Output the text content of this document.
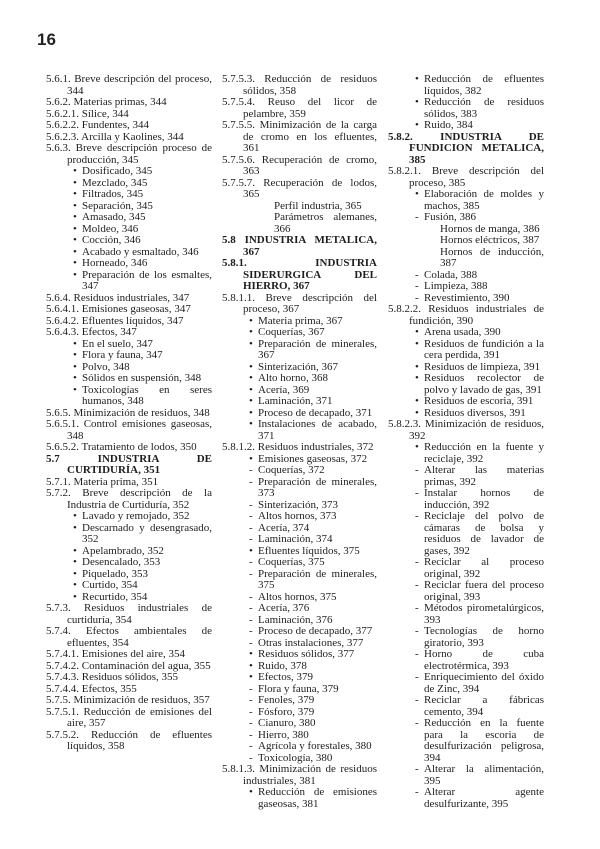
16
5.6.1. Breve descripción del proceso, 344
5.6.2. Materias primas, 344
5.6.2.1. Sílice, 344
5.6.2.2. Fundentes, 344
5.6.2.3. Arcilla y Kaolines, 344
5.6.3. Breve descripción proceso de producción, 345
• Dosificado, 345
• Mezclado, 345
• Filtrados, 345
• Separación, 345
• Amasado, 345
• Moldeo, 346
• Cocción, 346
• Acabado y esmaltado, 346
• Horneado, 346
• Preparación de los esmaltes, 347
5.6.4. Residuos industriales, 347
5.6.4.1. Emisiones gaseosas, 347
5.6.4.2. Efluentes líquidos, 347
5.6.4.3. Efectos, 347
• En el suelo, 347
• Flora y fauna, 347
• Polvo, 348
• Sólidos en suspensión, 348
• Toxicologías en seres humanos, 348
5.6.5. Minimización de residuos, 348
5.6.5.1. Control emisiones gaseosas, 348
5.6.5.2. Tratamiento de lodos, 350
5.7 INDUSTRIA DE CURTIDURÍA, 351
5.7.1. Materia prima, 351
5.7.2. Breve descripción de la Industria de Curtiduría, 352
• Lavado y remojado, 352
• Descarnado y desengrasado, 352
• Apelambrado, 352
• Desencalado, 353
• Piquelado, 353
• Curtido, 354
• Recurtido, 354
5.7.3. Residuos industriales de curtiduría, 354
5.7.4. Efectos ambientales de efluentes, 354
5.7.4.1. Emisiones del aire, 354
5.7.4.2. Contaminación del agua, 355
5.7.4.3. Residuos sólidos, 355
5.7.4.4. Efectos, 355
5.7.5. Minimización de residuos, 357
5.7.5.1. Reducción de emisiones del aire, 357
5.7.5.2. Reducción de efluentes líquidos, 358
5.7.5.3. Reducción de residuos sólidos, 358
5.7.5.4. Reuso del licor de pelambre, 359
5.7.5.5. Minimización de la carga de cromo en los efluentes, 361
5.7.5.6. Recuperación de cromo, 363
5.7.5.7. Recuperación de lodos, 365
Perfil industria, 365
Parámetros alemanes, 366
5.8 INDUSTRIA METALICA, 367
5.8.1. INDUSTRIA SIDERURGICA DEL HIERRO, 367
5.8.1.1. Breve descripción del proceso, 367
• Materia prima, 367
• Coquerías, 367
• Preparación de minerales, 367
• Sinterización, 367
• Alto horno, 368
• Acería, 369
• Laminación, 371
• Proceso de decapado, 371
• Instalaciones de acabado, 371
5.8.1.2. Residuos industriales, 372
• Emisiones gaseosas, 372
- Coquerías, 372
- Preparación de minerales, 373
- Sinterización, 373
- Altos hornos, 373
- Acería, 374
- Laminación, 374
• Efluentes líquidos, 375
- Coquerías, 375
- Preparación de minerales, 375
- Altos hornos, 375
- Acería, 376
- Laminación, 376
- Proceso de decapado, 377
- Otras instalaciones, 377
• Residuos sólidos, 377
• Ruido, 378
• Efectos, 379
- Flora y fauna, 379
- Fenoles, 379
- Fósforo, 379
- Cianuro, 380
- Hierro, 380
- Agrícola y forestales, 380
- Toxicología, 380
5.8.1.3. Minimización de residuos industriales, 381
• Reducción de emisiones gaseosas, 381
• Reducción de efluentes líquidos, 382
• Reducción de residuos sólidos, 383
• Ruido, 384
5.8.2. INDUSTRIA DE FUNDICION METALICA, 385
5.8.2.1. Breve descripción del proceso, 385
• Elaboración de moldes y machos, 385
- Fusión, 386
Hornos de manga, 386
Hornos eléctricos, 387
Hornos de inducción, 387
- Colada, 388
- Limpieza, 388
- Revestimiento, 390
5.8.2.2. Residuos industriales de fundición, 390
• Arena usada, 390
• Residuos de fundición a la cera perdida, 391
• Residuos de limpieza, 391
• Residuos recolector de polvo y lavado de gas, 391
• Residuos de escoria, 391
• Residuos diversos, 391
5.8.2.3. Minimización de residuos, 392
• Reducción en la fuente y reciclaje, 392
- Alterar las materias primas, 392
- Instalar hornos de inducción, 392
- Reciclaje del polvo de cámaras de bolsa y residuos de lavador de gases, 392
- Reciclar al proceso original, 392
- Reciclar fuera del proceso original, 393
- Métodos pirometalúrgicos, 393
- Tecnologías de horno giratorio, 393
- Horno de cuba electrotérmica, 393
- Enriquecimiento del óxido de Zinc, 394
- Reciclar a fábricas cemento, 394
- Reducción en la fuente para la escoria de desulfurización peligrosa, 394
- Alterar la alimentación, 395
- Alterar agente desulfurizante, 395
